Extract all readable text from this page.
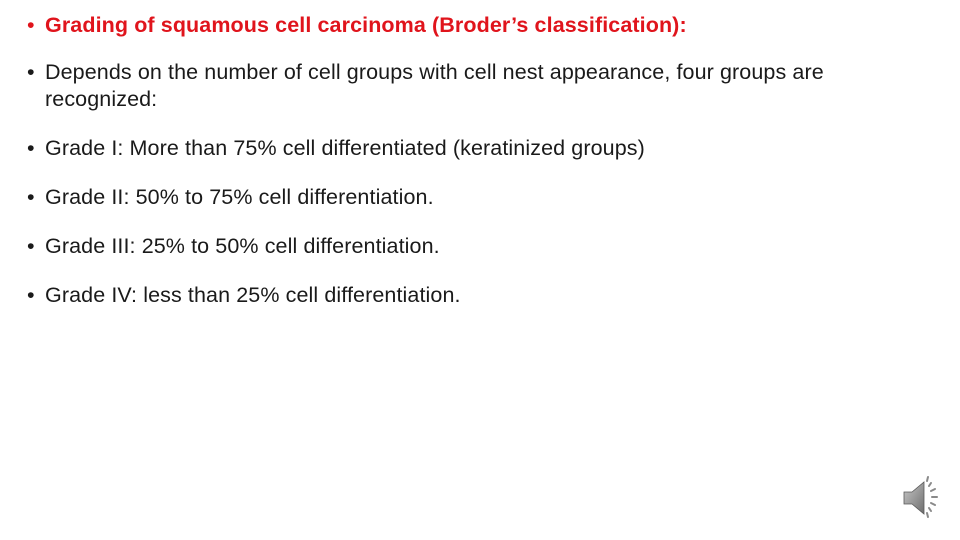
• Grading of squamous cell carcinoma (Broder’s classification):
• Depends on the number of cell groups with cell nest appearance, four groups are recognized:
• Grade I: More than 75% cell differentiated (keratinized groups)
• Grade II: 50% to 75% cell differentiation.
• Grade III: 25% to 50% cell differentiation.
• Grade IV: less than 25% cell differentiation.
